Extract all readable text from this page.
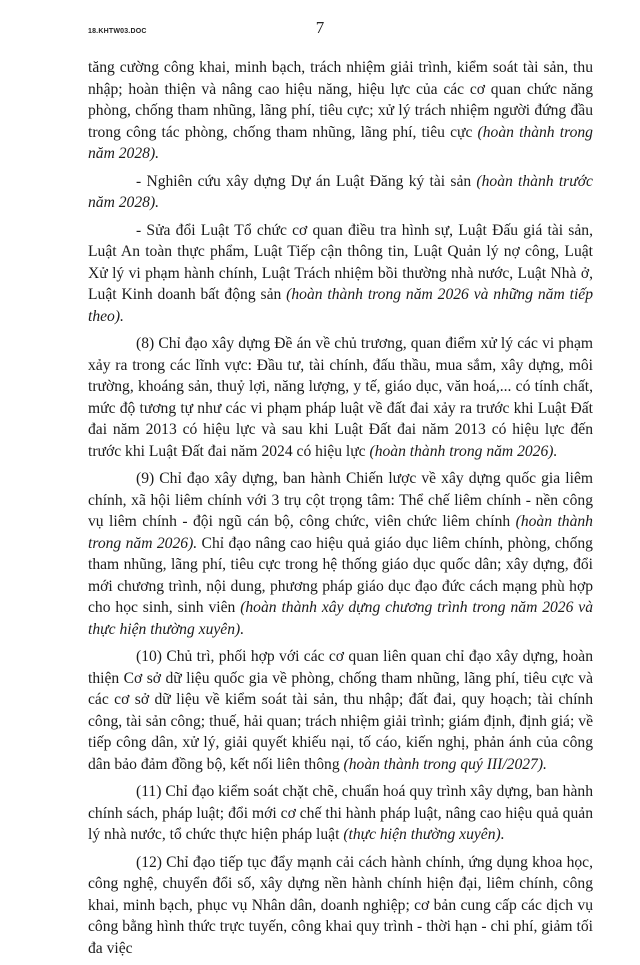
18.KHTW03.DOC	7

tăng cường công khai, minh bạch, trách nhiệm giải trình, kiểm soát tài sản, thu nhập; hoàn thiện và nâng cao hiệu năng, hiệu lực của các cơ quan chức năng phòng, chống tham nhũng, lãng phí, tiêu cực; xử lý trách nhiệm người đứng đầu trong công tác phòng, chống tham nhũng, lãng phí, tiêu cực (hoàn thành trong năm 2028).

- Nghiên cứu xây dựng Dự án Luật Đăng ký tài sản (hoàn thành trước năm 2028).

- Sửa đổi Luật Tổ chức cơ quan điều tra hình sự, Luật Đấu giá tài sản, Luật An toàn thực phẩm, Luật Tiếp cận thông tin, Luật Quản lý nợ công, Luật Xử lý vi phạm hành chính, Luật Trách nhiệm bồi thường nhà nước, Luật Nhà ở, Luật Kinh doanh bất động sản (hoàn thành trong năm 2026 và những năm tiếp theo).

(8) Chỉ đạo xây dựng Đề án về chủ trương, quan điểm xử lý các vi phạm xảy ra trong các lĩnh vực: Đầu tư, tài chính, đấu thầu, mua sắm, xây dựng, môi trường, khoáng sản, thuỷ lợi, năng lượng, y tế, giáo dục, văn hoá,... có tính chất, mức độ tương tự như các vi phạm pháp luật về đất đai xảy ra trước khi Luật Đất đai năm 2013 có hiệu lực và sau khi Luật Đất đai năm 2013 có hiệu lực đến trước khi Luật Đất đai năm 2024 có hiệu lực (hoàn thành trong năm 2026).

(9) Chỉ đạo xây dựng, ban hành Chiến lược về xây dựng quốc gia liêm chính, xã hội liêm chính với 3 trụ cột trọng tâm: Thể chế liêm chính - nền công vụ liêm chính - đội ngũ cán bộ, công chức, viên chức liêm chính (hoàn thành trong năm 2026). Chỉ đạo nâng cao hiệu quả giáo dục liêm chính, phòng, chống tham nhũng, lãng phí, tiêu cực trong hệ thống giáo dục quốc dân; xây dựng, đổi mới chương trình, nội dung, phương pháp giáo dục đạo đức cách mạng phù hợp cho học sinh, sinh viên (hoàn thành xây dựng chương trình trong năm 2026 và thực hiện thường xuyên).

(10) Chủ trì, phối hợp với các cơ quan liên quan chỉ đạo xây dựng, hoàn thiện Cơ sở dữ liệu quốc gia về phòng, chống tham nhũng, lãng phí, tiêu cực và các cơ sở dữ liệu về kiểm soát tài sản, thu nhập; đất đai, quy hoạch; tài chính công, tài sản công; thuế, hải quan; trách nhiệm giải trình; giám định, định giá; về tiếp công dân, xử lý, giải quyết khiếu nại, tố cáo, kiến nghị, phản ánh của công dân bảo đảm đồng bộ, kết nối liên thông (hoàn thành trong quý III/2027).

(11) Chỉ đạo kiểm soát chặt chẽ, chuẩn hoá quy trình xây dựng, ban hành chính sách, pháp luật; đổi mới cơ chế thi hành pháp luật, nâng cao hiệu quả quản lý nhà nước, tổ chức thực hiện pháp luật (thực hiện thường xuyên).

(12) Chỉ đạo tiếp tục đẩy mạnh cải cách hành chính, ứng dụng khoa học, công nghệ, chuyển đổi số, xây dựng nền hành chính hiện đại, liêm chính, công khai, minh bạch, phục vụ Nhân dân, doanh nghiệp; cơ bản cung cấp các dịch vụ công bằng hình thức trực tuyến, công khai quy trình - thời hạn - chi phí, giảm tối đa việc
